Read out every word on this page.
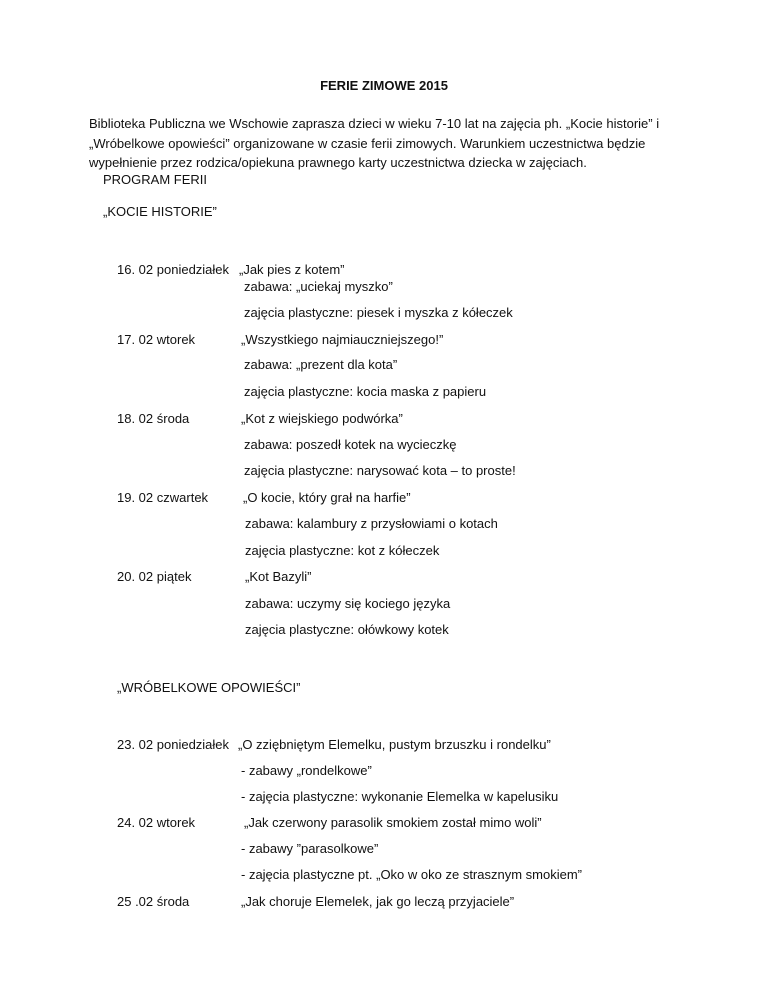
FERIE ZIMOWE 2015
Biblioteka Publiczna we Wschowie zaprasza dzieci w wieku 7-10 lat na zajęcia ph. „Kocie historie” i „Wróbelkowe opowieści” organizowane w czasie ferii zimowych. Warunkiem uczestnictwa będzie wypełnienie przez rodzica/opiekuna prawnego karty uczestnictwa dziecka w zajęciach.
PROGRAM FERII
„KOCIE HISTORIE”
16. 02 poniedziałek „Jak pies z kotem”
zabawa: „uciekaj myszko”
zajęcia plastyczne: piesek i myszka z kółeczek
17. 02 wtorek	„Wszystkiego najmiauczniejszego!”
zabawa: „prezent dla kota”
zajęcia plastyczne: kocia maska z papieru
18. 02 środa	„Kot z wiejskiego podwórka”
zabawa: poszedł kotek na wycieczkę
zajęcia plastyczne: narysować kota – to proste!
19. 02 czwartek	„O kocie, który grał na harfie”
zabawa: kalambury z przysłowiami o kotach
zajęcia plastyczne: kot z kółeczek
20. 02 piątek	„Kot Bazyli”
zabawa: uczymy się kociego języka
zajęcia plastyczne: ołówkowy kotek
„WRÓBELKOWE OPOWIEŚCI”
23. 02 poniedziałek „O zziębniętym Elemelku, pustym brzuszku i rondelku”
- zabawy „rondelkowe”
- zajęcia plastyczne: wykonanie Elemelka w kapelusiku
24. 02 wtorek	„Jak czerwony parasolik smokiem został mimo woli”
- zabawy ”parasolkowe”
- zajęcia plastyczne pt. „Oko w oko ze strasznym smokiem”
25 .02 środa	„Jak choruje Elemelek, jak go leczą przyjaciele”
